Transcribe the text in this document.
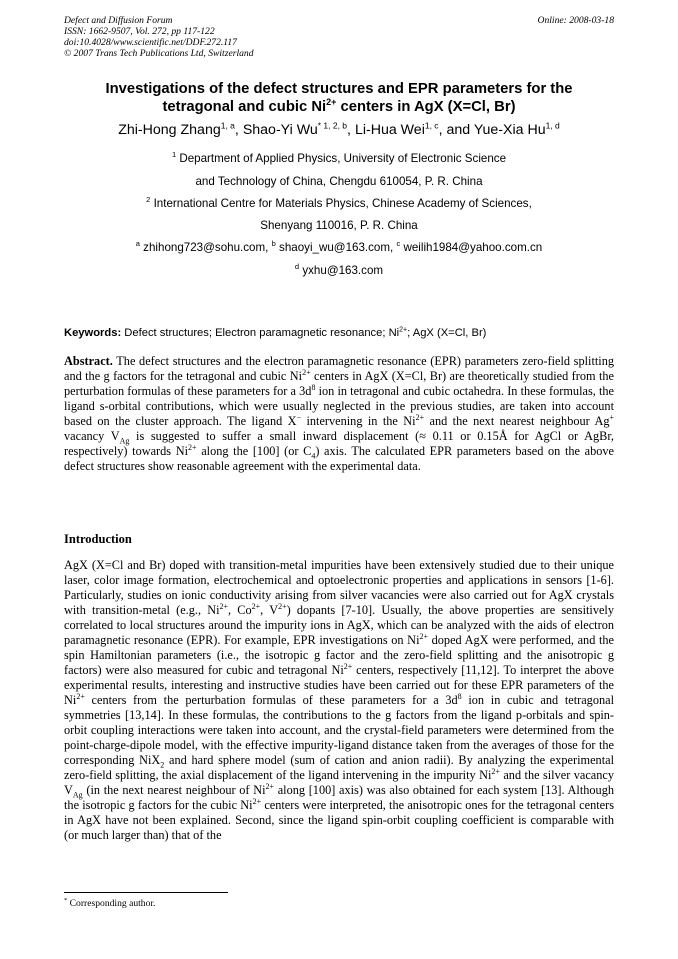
Defect and Diffusion Forum
ISSN: 1662-9507, Vol. 272, pp 117-122
doi:10.4028/www.scientific.net/DDF.272.117
© 2007 Trans Tech Publications Ltd, Switzerland
Online: 2008-03-18
Investigations of the defect structures and EPR parameters for the
tetragonal and cubic $Ni^{2+}$ centers in AgX (X=Cl, Br)
Zhi-Hong Zhang$^{1, a}$, Shao-Yi Wu$^{* 1, 2, b}$, Li-Hua Wei$^{1, c}$, and Yue-Xia Hu$^{1, d}$
$^1$ Department of Applied Physics, University of Electronic Science
and Technology of China, Chengdu 610054, P. R. China
$^2$ International Centre for Materials Physics, Chinese Academy of Sciences,
Shenyang 110016, P. R. China
$^a$ zhihong723@sohu.com, $^b$ shaoyi_wu@163.com, $^c$ weilih1984@yahoo.com.cn
$^d$ yxhu@163.com
Keywords: Defect structures; Electron paramagnetic resonance; $Ni^{2+}$; AgX (X=Cl, Br)
Abstract. The defect structures and the electron paramagnetic resonance (EPR) parameters zero-field splitting and the g factors for the tetragonal and cubic $Ni^{2+}$ centers in AgX (X=Cl, Br) are theoretically studied from the perturbation formulas of these parameters for a $3d^8$ ion in tetragonal and cubic octahedra. In these formulas, the ligand s-orbital contributions, which were usually neglected in the previous studies, are taken into account based on the cluster approach. The ligand X− intervening in the $Ni^{2+}$ and the next nearest neighbour Ag+ vacancy $V_{Ag}$ is suggested to suffer a small inward displacement (≈ 0.11 or 0.15Å for AgCl or AgBr, respectively) towards $Ni^{2+}$ along the [100] (or $C_4$) axis. The calculated EPR parameters based on the above defect structures show reasonable agreement with the experimental data.
Introduction
AgX (X=Cl and Br) doped with transition-metal impurities have been extensively studied due to their unique laser, color image formation, electrochemical and optoelectronic properties and applications in sensors [1-6]. Particularly, studies on ionic conductivity arising from silver vacancies were also carried out for AgX crystals with transition-metal (e.g., $Ni^{2+}$, $Co^{2+}$, $V^{2+}$) dopants [7-10]. Usually, the above properties are sensitively correlated to local structures around the impurity ions in AgX, which can be analyzed with the aids of electron paramagnetic resonance (EPR). For example, EPR investigations on $Ni^{2+}$ doped AgX were performed, and the spin Hamiltonian parameters (i.e., the isotropic g factor and the zero-field splitting and the anisotropic g factors) were also measured for cubic and tetragonal $Ni^{2+}$ centers, respectively [11,12]. To interpret the above experimental results, interesting and instructive studies have been carried out for these EPR parameters of the $Ni^{2+}$ centers from the perturbation formulas of these parameters for a $3d^8$ ion in cubic and tetragonal symmetries [13,14]. In these formulas, the contributions to the g factors from the ligand p-orbitals and spin-orbit coupling interactions were taken into account, and the crystal-field parameters were determined from the point-charge-dipole model, with the effective impurity-ligand distance taken from the averages of those for the corresponding NiX$_2$ and hard sphere model (sum of cation and anion radii). By analyzing the experimental zero-field splitting, the axial displacement of the ligand intervening in the impurity $Ni^{2+}$ and the silver vacancy $V_{Ag}$ (in the next nearest neighbour of $Ni^{2+}$ along [100] axis) was also obtained for each system [13]. Although the isotropic g factors for the cubic $Ni^{2+}$ centers were interpreted, the anisotropic ones for the tetragonal centers in AgX have not been explained. Second, since the ligand spin-orbit coupling coefficient is comparable with (or much larger than) that of the
* Corresponding author.
